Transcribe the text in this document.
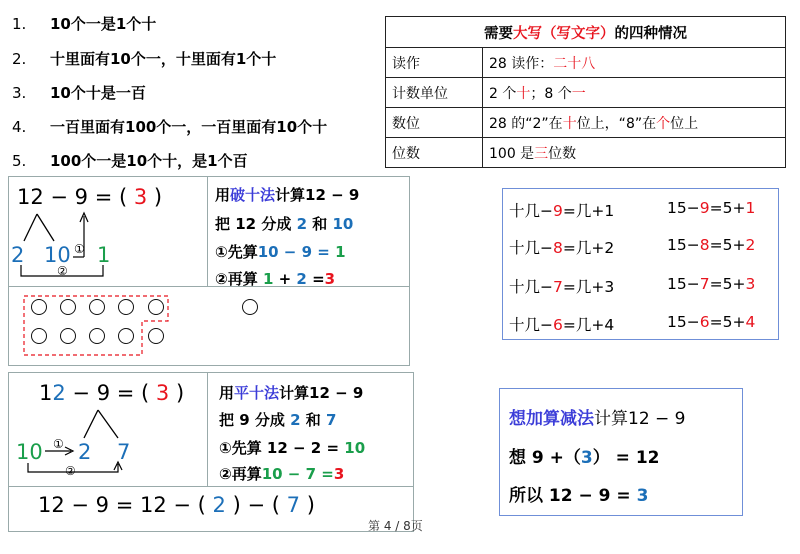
1. 10个一是1个十
2. 十里面有10个一，十里面有1个十
3. 10个十是一百
4. 一百里面有100个一，一百里面有10个十
5. 100个一是10个十，是1个百
需要大写（写文字）的四种情况	
读作	28 读作：二十八
计数单位	2 个十；8 个一
数位	28 的“2”在十位上，“8”在个位上
位数	100 是三位数
12 − 9 = ( 3 )
2 10 1
①
②
用破十法计算12 − 9
把 12 分成 2 和 10
①先算10 − 9 = 1
②再算 1 + 2 =3
12 − 9 = ( 3 )
10 2 7
①
②
用平十法计算12 − 9
把 9 分成 2 和 7
①先算 12 − 2 = 10
②再算10 − 7 =3
12 − 9 = 12 − ( 2 ) − ( 7 )
十几−9=几+1	15−9=5+1
十几−8=几+2	15−8=5+2
十几−7=几+3	15−7=5+3
十几−6=几+4	15−6=5+4
想加算减法计算12 − 9
想 9 +（3） = 12
所以 12 − 9 = 3
第 4 / 8页
